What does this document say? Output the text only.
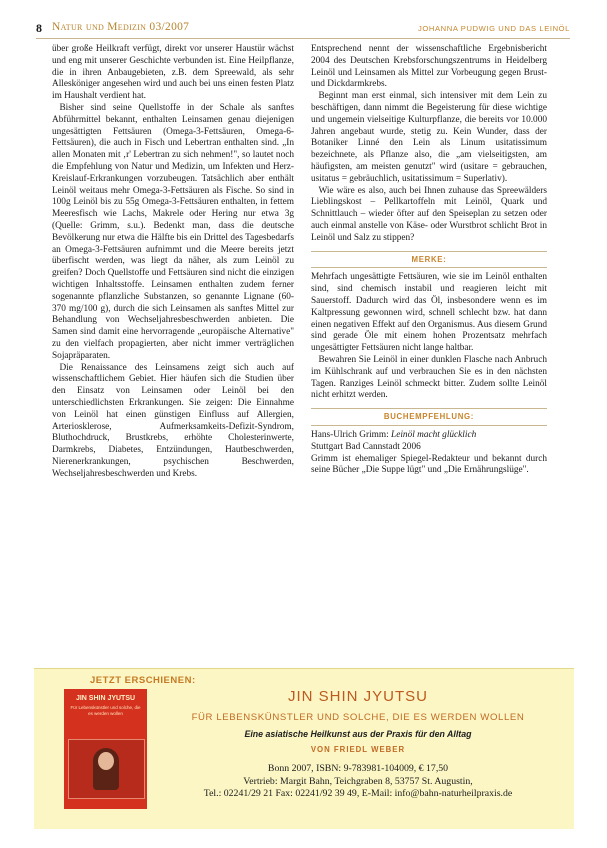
8 Natur und Medizin 03/2007	JOHANNA PUDWIG UND DAS LEINÖL

über große Heilkraft verfügt, direkt vor unserer Haustür wächst und eng mit unserer Geschichte verbunden ist. Eine Heilpflanze, die in ihren Anbaugebieten, z.B. dem Spreewald, als sehr Allesköniger angesehen wird und auch bei uns einen festen Platz im Haushalt verdient hat.

Bisher sind seine Quellstoffe in der Schale als sanftes Abführmittel bekannt, enthalten Leinsamen genau diejenigen ungesättigten Fettsäuren (Omega-3-Fettsäuren, Omega-6-Fettsäuren), die auch in Fisch und Lebertran enthalten sind. „In allen Monaten mit ‚r' Lebertran zu sich nehmen!", so lautet noch die Empfehlung von Natur und Medizin, um Infekten und Herz-Kreislauf-Erkrankungen vorzubeugen. Tatsächlich aber enthält Leinöl weitaus mehr Omega-3-Fettsäuren als Fische. So sind in 100g Leinöl bis zu 55g Omega-3-Fettsäuren enthalten, in fettem Meeresfisch wie Lachs, Makrele oder Hering nur etwa 3g (Quelle: Grimm, s.u.). Bedenkt man, dass die deutsche Bevölkerung nur etwa die Hälfte bis ein Drittel des Tagesbedarfs an Omega-3-Fettsäuren aufnimmt und die Meere bereits jetzt überfischt werden, was liegt da näher, als zum Leinöl zu greifen? Doch Quellstoffe und Fettsäuren sind nicht die einzigen wichtigen Inhaltsstoffe. Leinsamen enthalten zudem ferner sogenannte pflanzliche Substanzen, so genannte Lignane (60-370 mg/100 g), durch die sich Leinsamen als sanftes Mittel zur Behandlung von Wechseljahresbeschwerden anbieten. Die Samen sind damit eine hervorragende „europäische Alternative" zu den vielfach propagierten, aber nicht immer verträglichen Sojapräparaten.

Die Renaissance des Leinsamens zeigt sich auch auf wissenschaftlichem Gebiet. Hier häufen sich die Studien über den Einsatz von Leinsamen oder Leinöl bei den unterschiedlichsten Erkrankungen. Sie zeigen: Die Einnahme von Leinöl hat einen günstigen Einfluss auf Allergien, Arteriosklerose, Aufmerksamkeits-Defizit-Syndrom, Bluthochdruck, Brustkrebs, erhöhte Cholesterinwerte, Darmkrebs, Diabetes, Entzündungen, Hautbeschwerden, Nierenerkrankungen, psychischen Beschwerden, Wechseljahresbeschwerden und Krebs.

Entsprechend nennt der wissenschaftliche Ergebnisbericht 2004 des Deutschen Krebsforschungszentrums in Heidelberg Leinöl und Leinsamen als Mittel zur Vorbeugung gegen Brust- und Dickdarmkrebs.

Beginnt man erst einmal, sich intensiver mit dem Lein zu beschäftigen, dann nimmt die Begeisterung für diese wichtige und ungemein vielseitige Kulturpflanze, die bereits vor 10.000 Jahren angebaut wurde, stetig zu. Kein Wunder, dass der Botaniker Linné den Lein als Linum usitatissimum bezeichnete, als Pflanze also, die „am vielseitigsten, am häufigsten, am meisten genutzt" wird (usitare = gebrauchen, usitatus = gebräuchlich, usitatissimum = Superlativ).

Wie wäre es also, auch bei Ihnen zuhause das Spreewälders Lieblingskost – Pellkartoffeln mit Leinöl, Quark und Schnittlauch – wieder öfter auf den Speiseplan zu setzen oder auch einmal anstelle von Käse- oder Wurstbrot schlicht Brot in Leinöl und Salz zu stippen?

MERKE:

Mehrfach ungesättigte Fettsäuren, wie sie im Leinöl enthalten sind, sind chemisch instabil und reagieren leicht mit Sauerstoff. Dadurch wird das Öl, insbesondere wenn es im Kaltpressung gewonnen wird, schnell schlecht bzw. hat dann einen negativen Effekt auf den Organismus. Aus diesem Grund sind gerade Öle mit einem hohen Prozentsatz mehrfach ungesättigter Fettsäuren nicht lange haltbar.

Bewahren Sie Leinöl in einer dunklen Flasche nach Anbruch im Kühlschrank auf und verbrauchen Sie es in den nächsten Tagen. Ranziges Leinöl schmeckt bitter. Zudem sollte Leinöl nicht erhitzt werden.

BUCHEMPFEHLUNG:

Hans-Ulrich Grimm: Leinöl macht glücklich

Stuttgart Bad Cannstadt 2006

Grimm ist ehemaliger Spiegel-Redakteur und bekannt durch seine Bücher „Die Suppe lügt" und „Die Ernährungslüge".

JETZT ERSCHIENEN:
JIN SHIN JYUTSU
Für Lebenskünstler und solche, die es werden wollen
JIN SHIN JYUTSU
FÜR LEBENSKÜNSTLER UND SOLCHE, DIE ES WERDEN WOLLEN
Eine asiatische Heilkunst aus der Praxis für den Alltag
VON FRIEDL WEBER
Bonn 2007, ISBN: 9-783981-104009, € 17,50
Vertrieb: Margit Bahn, Teichgraben 8, 53757 St. Augustin,
Tel.: 02241/29 21 Fax: 02241/92 39 49, E-Mail: info@bahn-naturheilpraxis.de
